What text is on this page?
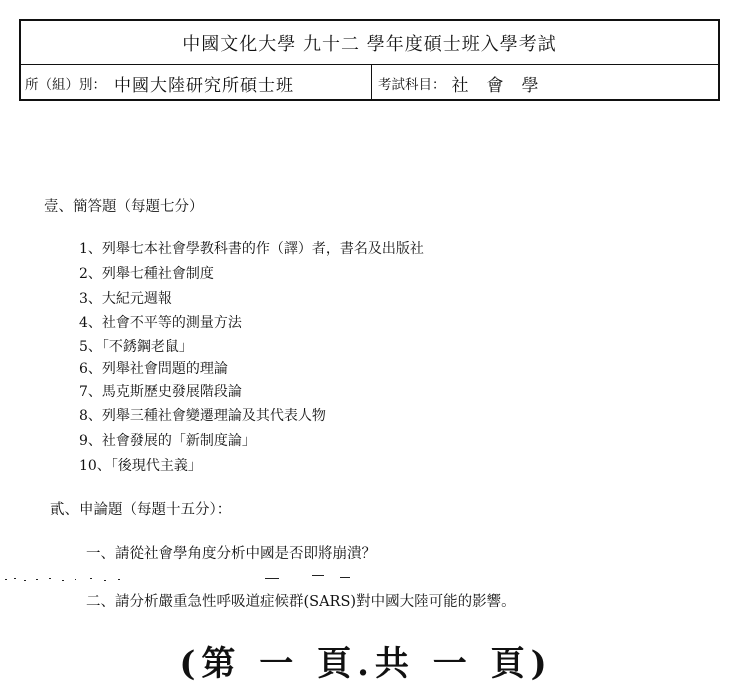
中國文化大學 九十二 學年度碩士班入學考試
所（組）別： 中國大陸研究所碩士班	考試科目： 社會學
壹、簡答題（每題七分）
1、列舉七本社會學教科書的作（譯）者，書名及出版社
2、列舉七種社會制度
3、大紀元週報
4、社會不平等的測量方法
5、「不銹鋼老鼠」
6、列舉社會問題的理論
7、馬克斯歷史發展階段論
8、列舉三種社會變遷理論及其代表人物
9、社會發展的「新制度論」
10、「後現代主義」
貳、申論題（每題十五分）：
一、請從社會學角度分析中國是否即將崩潰？
二、請分析嚴重急性呼吸道症候群(SARS)對中國大陸可能的影響。
(第 一 頁.共 一 頁)
